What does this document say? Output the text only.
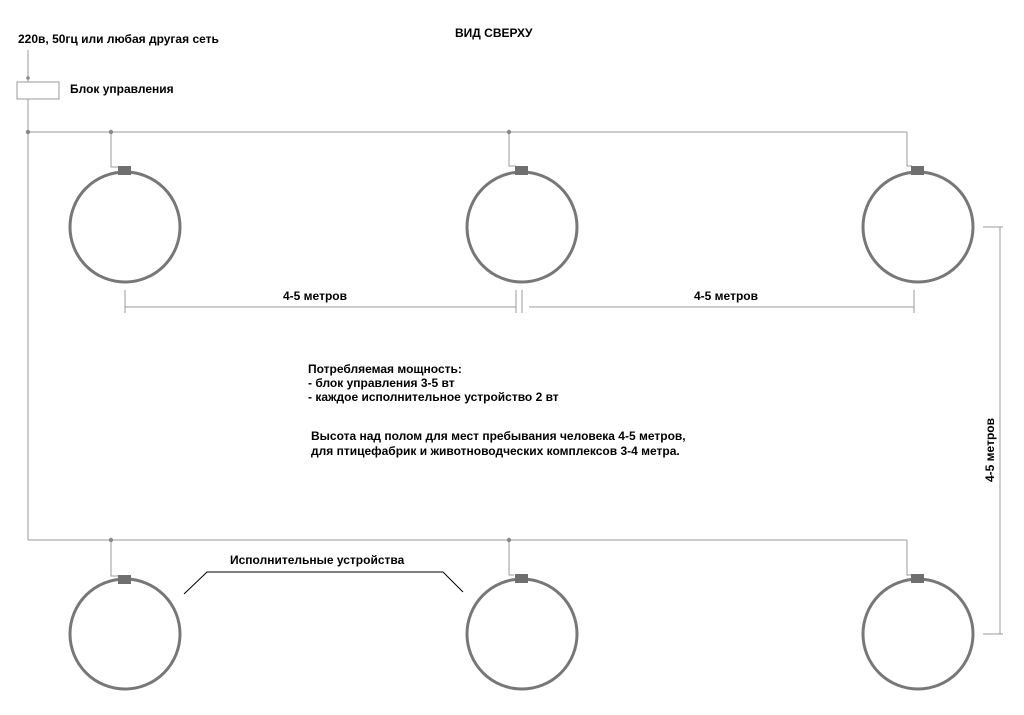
ВИД СВЕРХУ
220в, 50гц или любая другая сеть
Блок управления
4-5 метров	4-5 метров
4-5 метров
Потребляемая мощность:
- блок управления 3-5 вт
- каждое исполнительное устройство 2 вт
Высота над полом для мест пребывания человека 4-5 метров,
для птицефабрик и животноводческих комплексов 3-4 метра.
Исполнительные устройства
